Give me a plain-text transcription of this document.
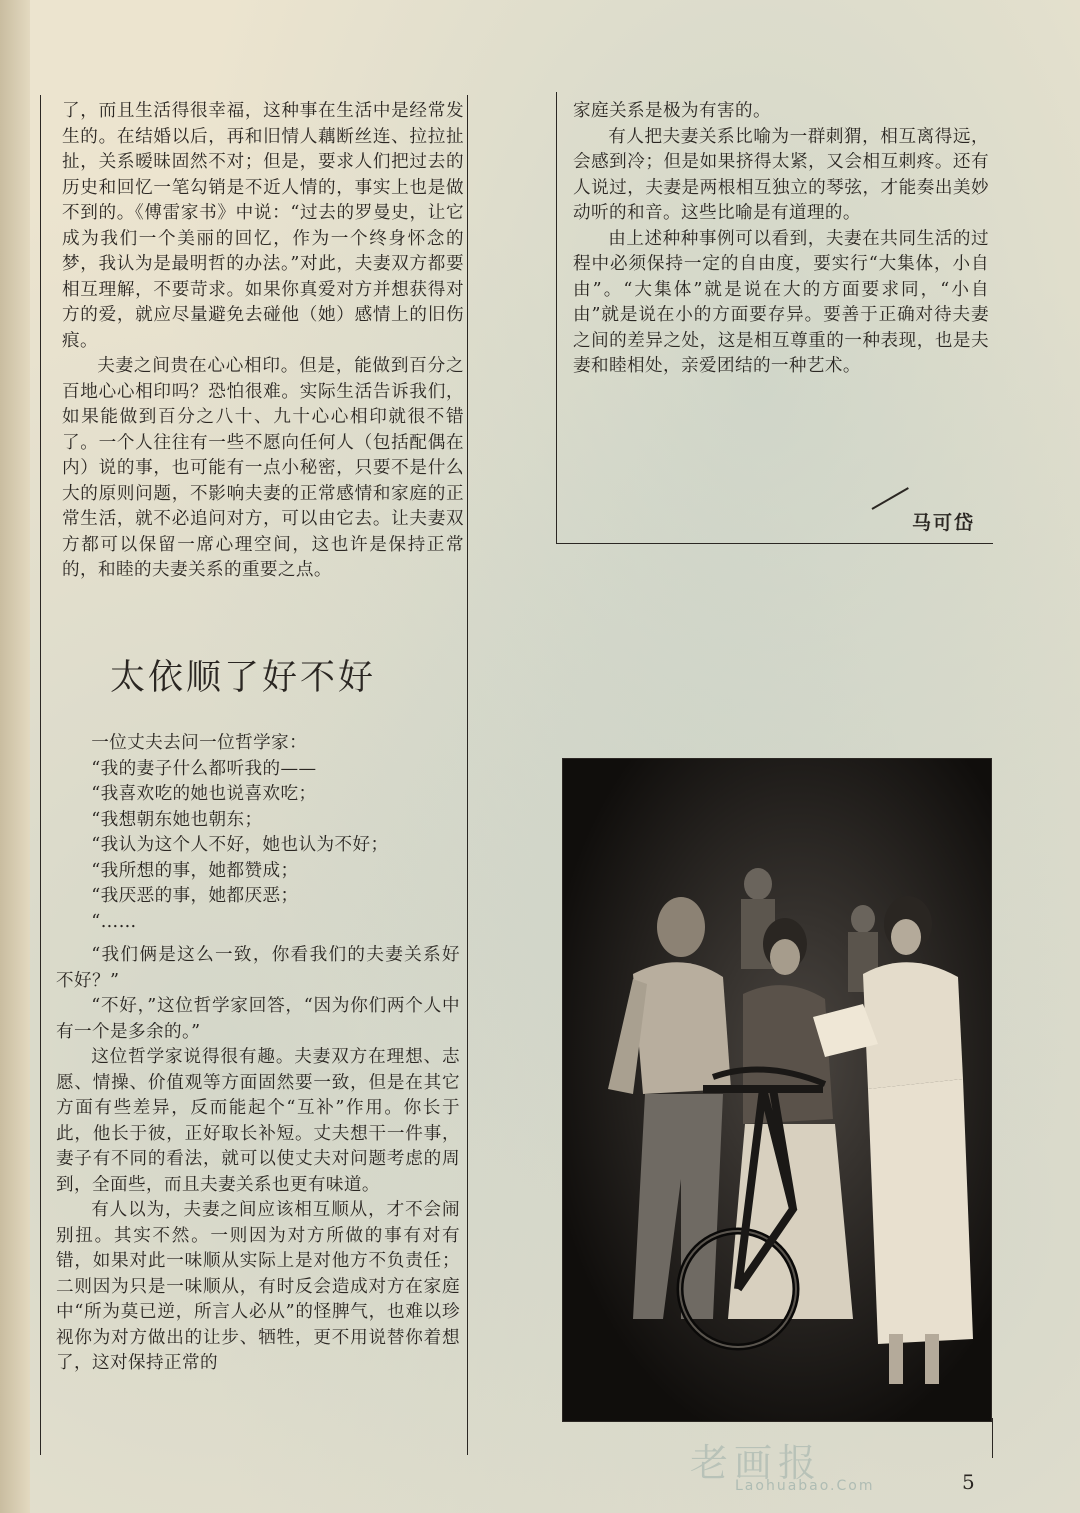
了，而且生活得很幸福，这种事在生活中是经常发生的。在结婚以后，再和旧情人藕断丝连、拉拉扯扯，关系暧昧固然不对；但是，要求人们把过去的历史和回忆一笔勾销是不近人情的，事实上也是做不到的。《傅雷家书》中说：“过去的罗曼史，让它成为我们一个美丽的回忆，作为一个终身怀念的梦，我认为是最明哲的办法。”对此，夫妻双方都要相互理解，不要苛求。如果你真爱对方并想获得对方的爱，就应尽量避免去碰他（她）感情上的旧伤痕。

夫妻之间贵在心心相印。但是，能做到百分之百地心心相印吗？恐怕很难。实际生活告诉我们，如果能做到百分之八十、九十心心相印就很不错了。一个人往往有一些不愿向任何人（包括配偶在内）说的事，也可能有一点小秘密，只要不是什么大的原则问题，不影响夫妻的正常感情和家庭的正常生活，就不必追问对方，可以由它去。让夫妻双方都可以保留一席心理空间，这也许是保持正常的，和睦的夫妻关系的重要之点。

家庭关系是极为有害的。

有人把夫妻关系比喻为一群刺猬，相互离得远，会感到冷；但是如果挤得太紧，又会相互刺疼。还有人说过，夫妻是两根相互独立的琴弦，才能奏出美妙动听的和音。这些比喻是有道理的。

由上述种种事例可以看到，夫妻在共同生活的过程中必须保持一定的自由度，要实行“大集体，小自由”。“大集体”就是说在大的方面要求同，“小自由”就是说在小的方面要存异。要善于正确对待夫妻之间的差异之处，这是相互尊重的一种表现，也是夫妻和睦相处，亲爱团结的一种艺术。

马可岱
太依顺了好不好

一位丈夫去问一位哲学家：

“我的妻子什么都听我的——

“我喜欢吃的她也说喜欢吃；

“我想朝东她也朝东；

“我认为这个人不好，她也认为不好；

“我所想的事，她都赞成；

“我厌恶的事，她都厌恶；

“……

“我们俩是这么一致，你看我们的夫妻关系好不好？”

“不好，”这位哲学家回答，“因为你们两个人中有一个是多余的。”

这位哲学家说得很有趣。夫妻双方在理想、志愿、情操、价值观等方面固然要一致，但是在其它方面有些差异，反而能起个“互补”作用。你长于此，他长于彼，正好取长补短。丈夫想干一件事，妻子有不同的看法，就可以使丈夫对问题考虑的周到，全面些，而且夫妻关系也更有味道。

有人以为，夫妻之间应该相互顺从，才不会闹别扭。其实不然。一则因为对方所做的事有对有错，如果对此一味顺从实际上是对他方不负责任；二则因为只是一味顺从，有时反会造成对方在家庭中“所为莫已逆，所言人必从”的怪脾气，也难以珍视你为对方做出的让步、牺牲，更不用说替你着想了，这对保持正常的

老画报
Laohuabao.Com	5
